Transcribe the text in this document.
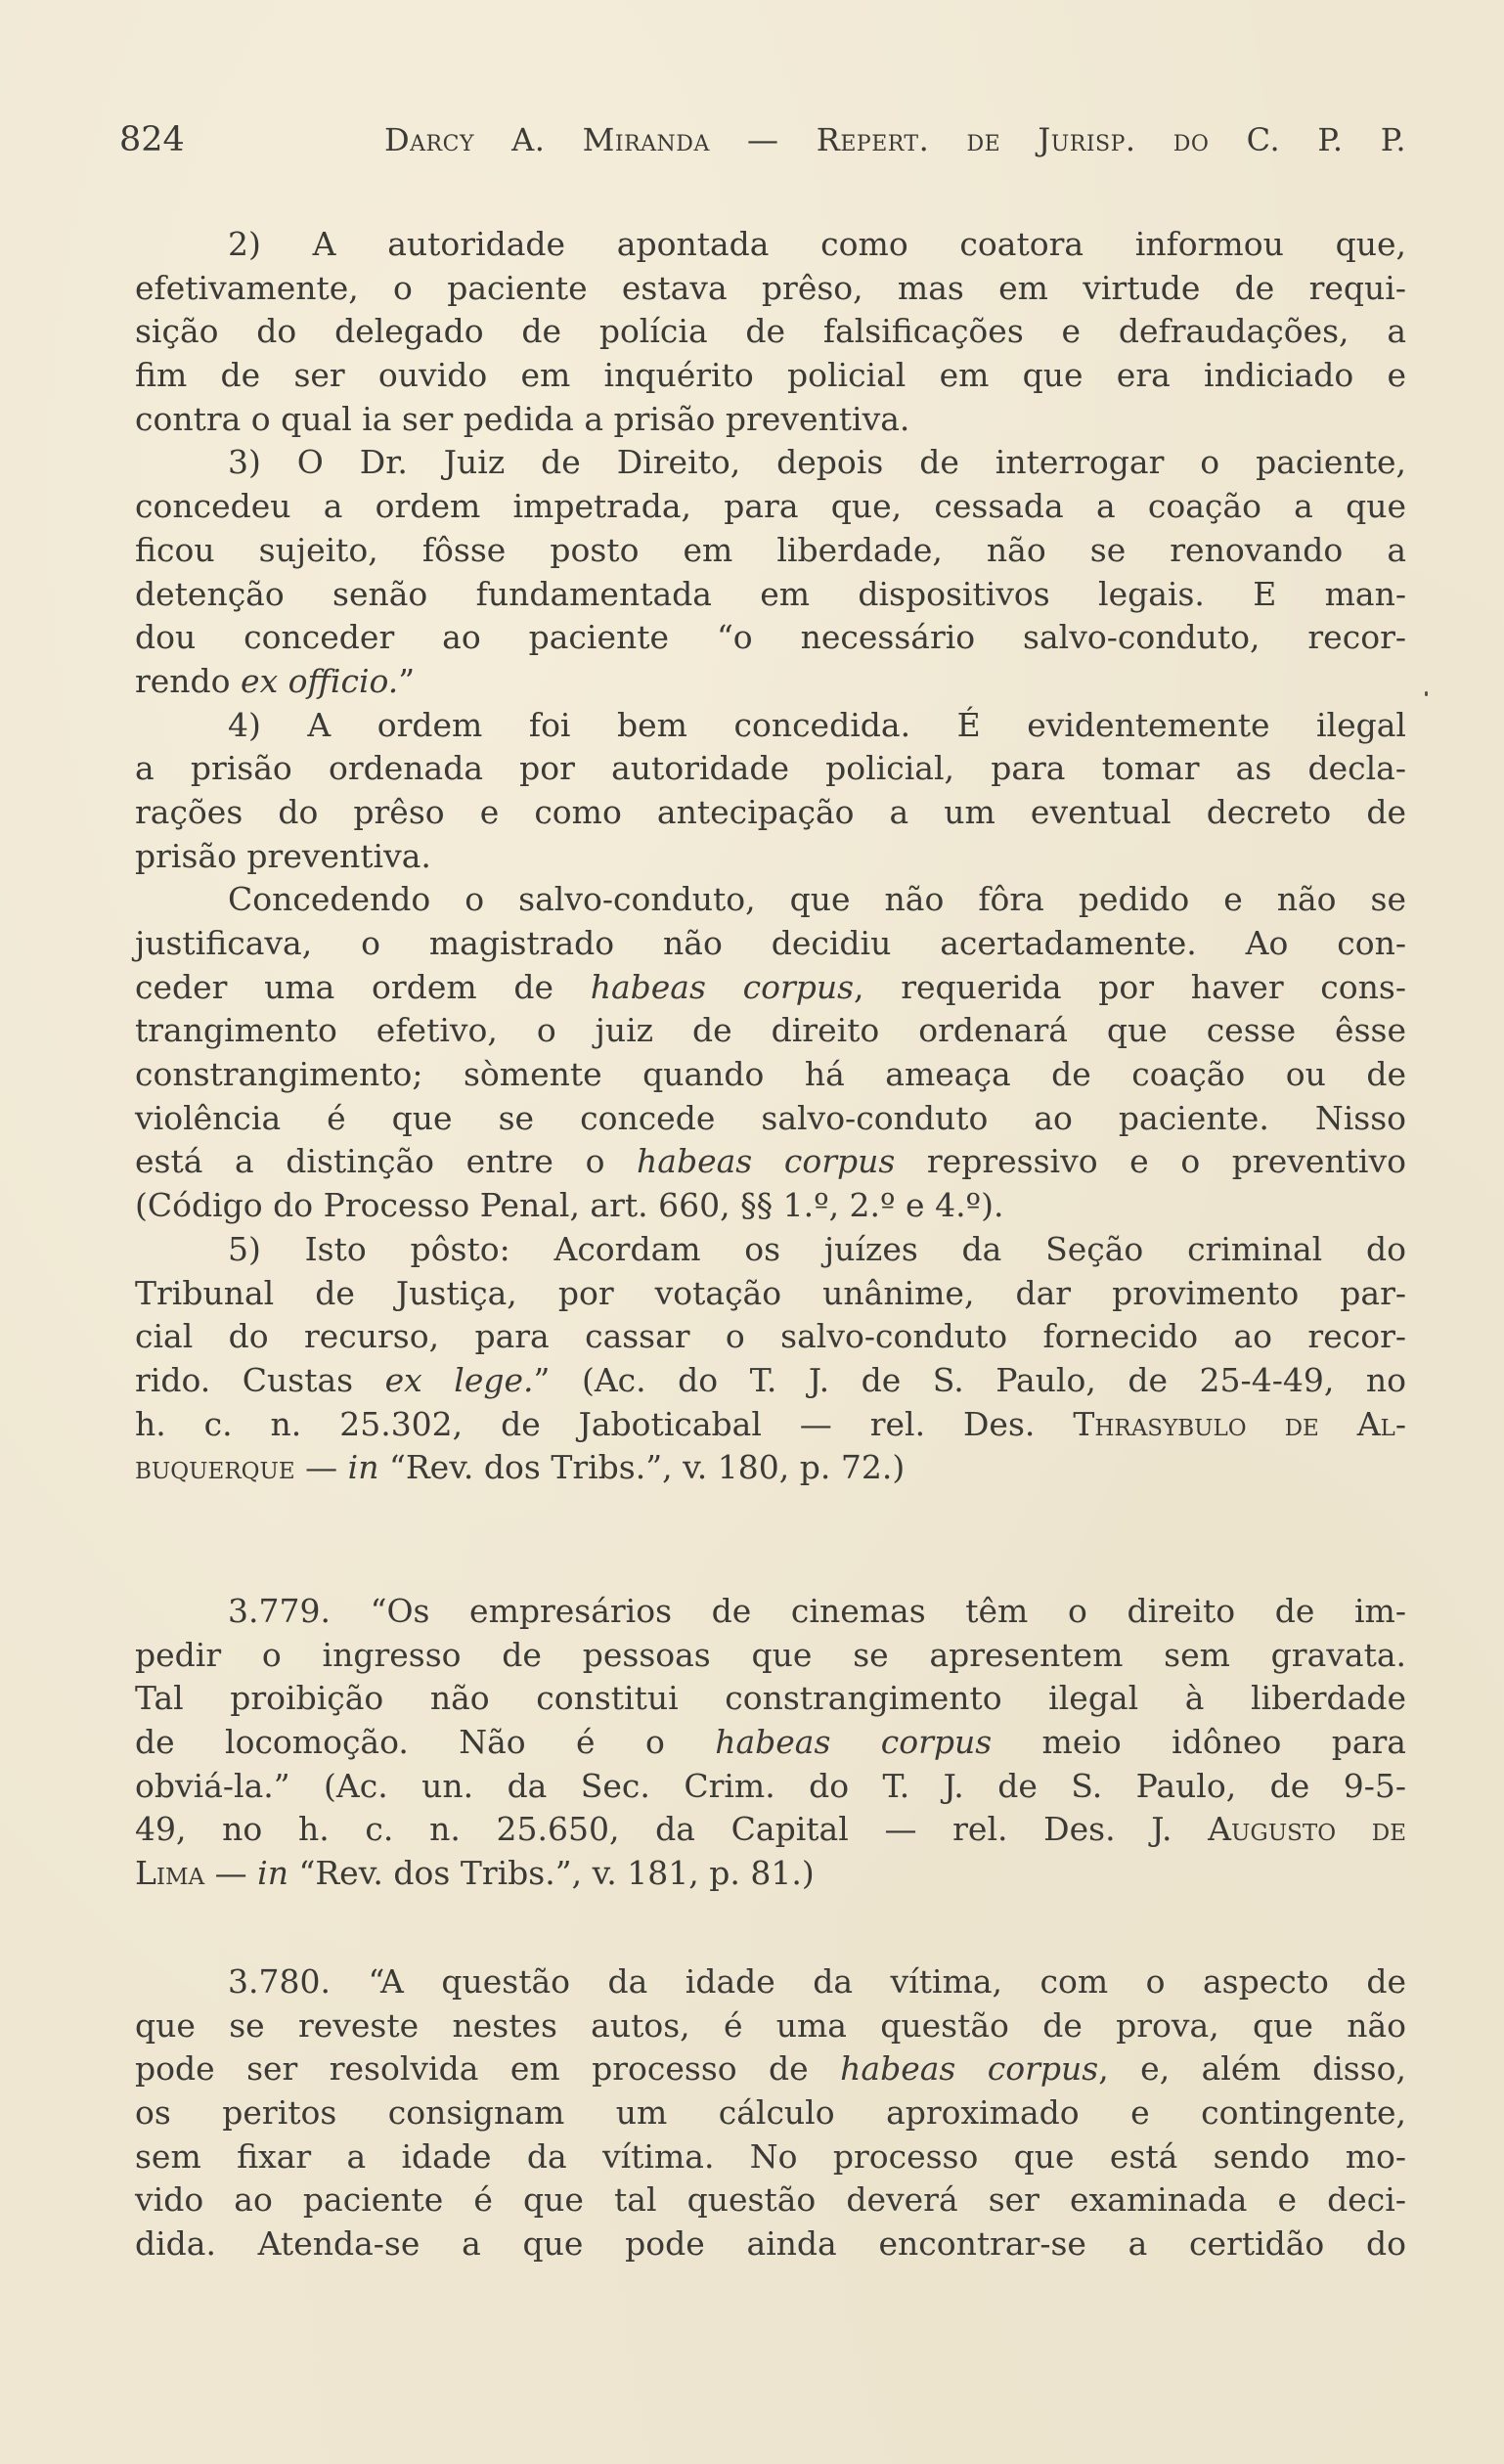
824	Darcy A. Miranda — Repert. de Jurisp. do C. P. P.
2) A autoridade apontada como coatora informou que,
efetivamente, o paciente estava prêso, mas em virtude de requi-
sição do delegado de polícia de falsificações e defraudações, a
fim de ser ouvido em inquérito policial em que era indiciado e
contra o qual ia ser pedida a prisão preventiva.
3) O Dr. Juiz de Direito, depois de interrogar o paciente,
concedeu a ordem impetrada, para que, cessada a coação a que
ficou sujeito, fôsse posto em liberdade, não se renovando a
detenção senão fundamentada em dispositivos legais. E man-
dou conceder ao paciente “o necessário salvo-conduto, recor-
rendo ex officio.”
4) A ordem foi bem concedida. É evidentemente ilegal
a prisão ordenada por autoridade policial, para tomar as decla-
rações do prêso e como antecipação a um eventual decreto de
prisão preventiva.
Concedendo o salvo-conduto, que não fôra pedido e não se
justificava, o magistrado não decidiu acertadamente. Ao con-
ceder uma ordem de habeas corpus, requerida por haver cons-
trangimento efetivo, o juiz de direito ordenará que cesse êsse
constrangimento; sòmente quando há ameaça de coação ou de
violência é que se concede salvo-conduto ao paciente. Nisso
está a distinção entre o habeas corpus repressivo e o preventivo
(Código do Processo Penal, art. 660, §§ 1.º, 2.º e 4.º).
5) Isto pôsto: Acordam os juízes da Seção criminal do
Tribunal de Justiça, por votação unânime, dar provimento par-
cial do recurso, para cassar o salvo-conduto fornecido ao recor-
rido. Custas ex lege.” (Ac. do T. J. de S. Paulo, de 25-4-49, no
h. c. n. 25.302, de Jaboticabal — rel. Des. Thrasybulo de Al-
buquerque — in “Rev. dos Tribs.”, v. 180, p. 72.)
3.779. “Os empresários de cinemas têm o direito de im-
pedir o ingresso de pessoas que se apresentem sem gravata.
Tal proibição não constitui constrangimento ilegal à liberdade
de locomoção. Não é o habeas corpus meio idôneo para
obviá-la.” (Ac. un. da Sec. Crim. do T. J. de S. Paulo, de 9-5-
49, no h. c. n. 25.650, da Capital — rel. Des. J. Augusto de
Lima — in “Rev. dos Tribs.”, v. 181, p. 81.)
3.780. “A questão da idade da vítima, com o aspecto de
que se reveste nestes autos, é uma questão de prova, que não
pode ser resolvida em processo de habeas corpus, e, além disso,
os peritos consignam um cálculo aproximado e contingente,
sem fixar a idade da vítima. No processo que está sendo mo-
vido ao paciente é que tal questão deverá ser examinada e deci-
dida. Atenda-se a que pode ainda encontrar-se a certidão do
